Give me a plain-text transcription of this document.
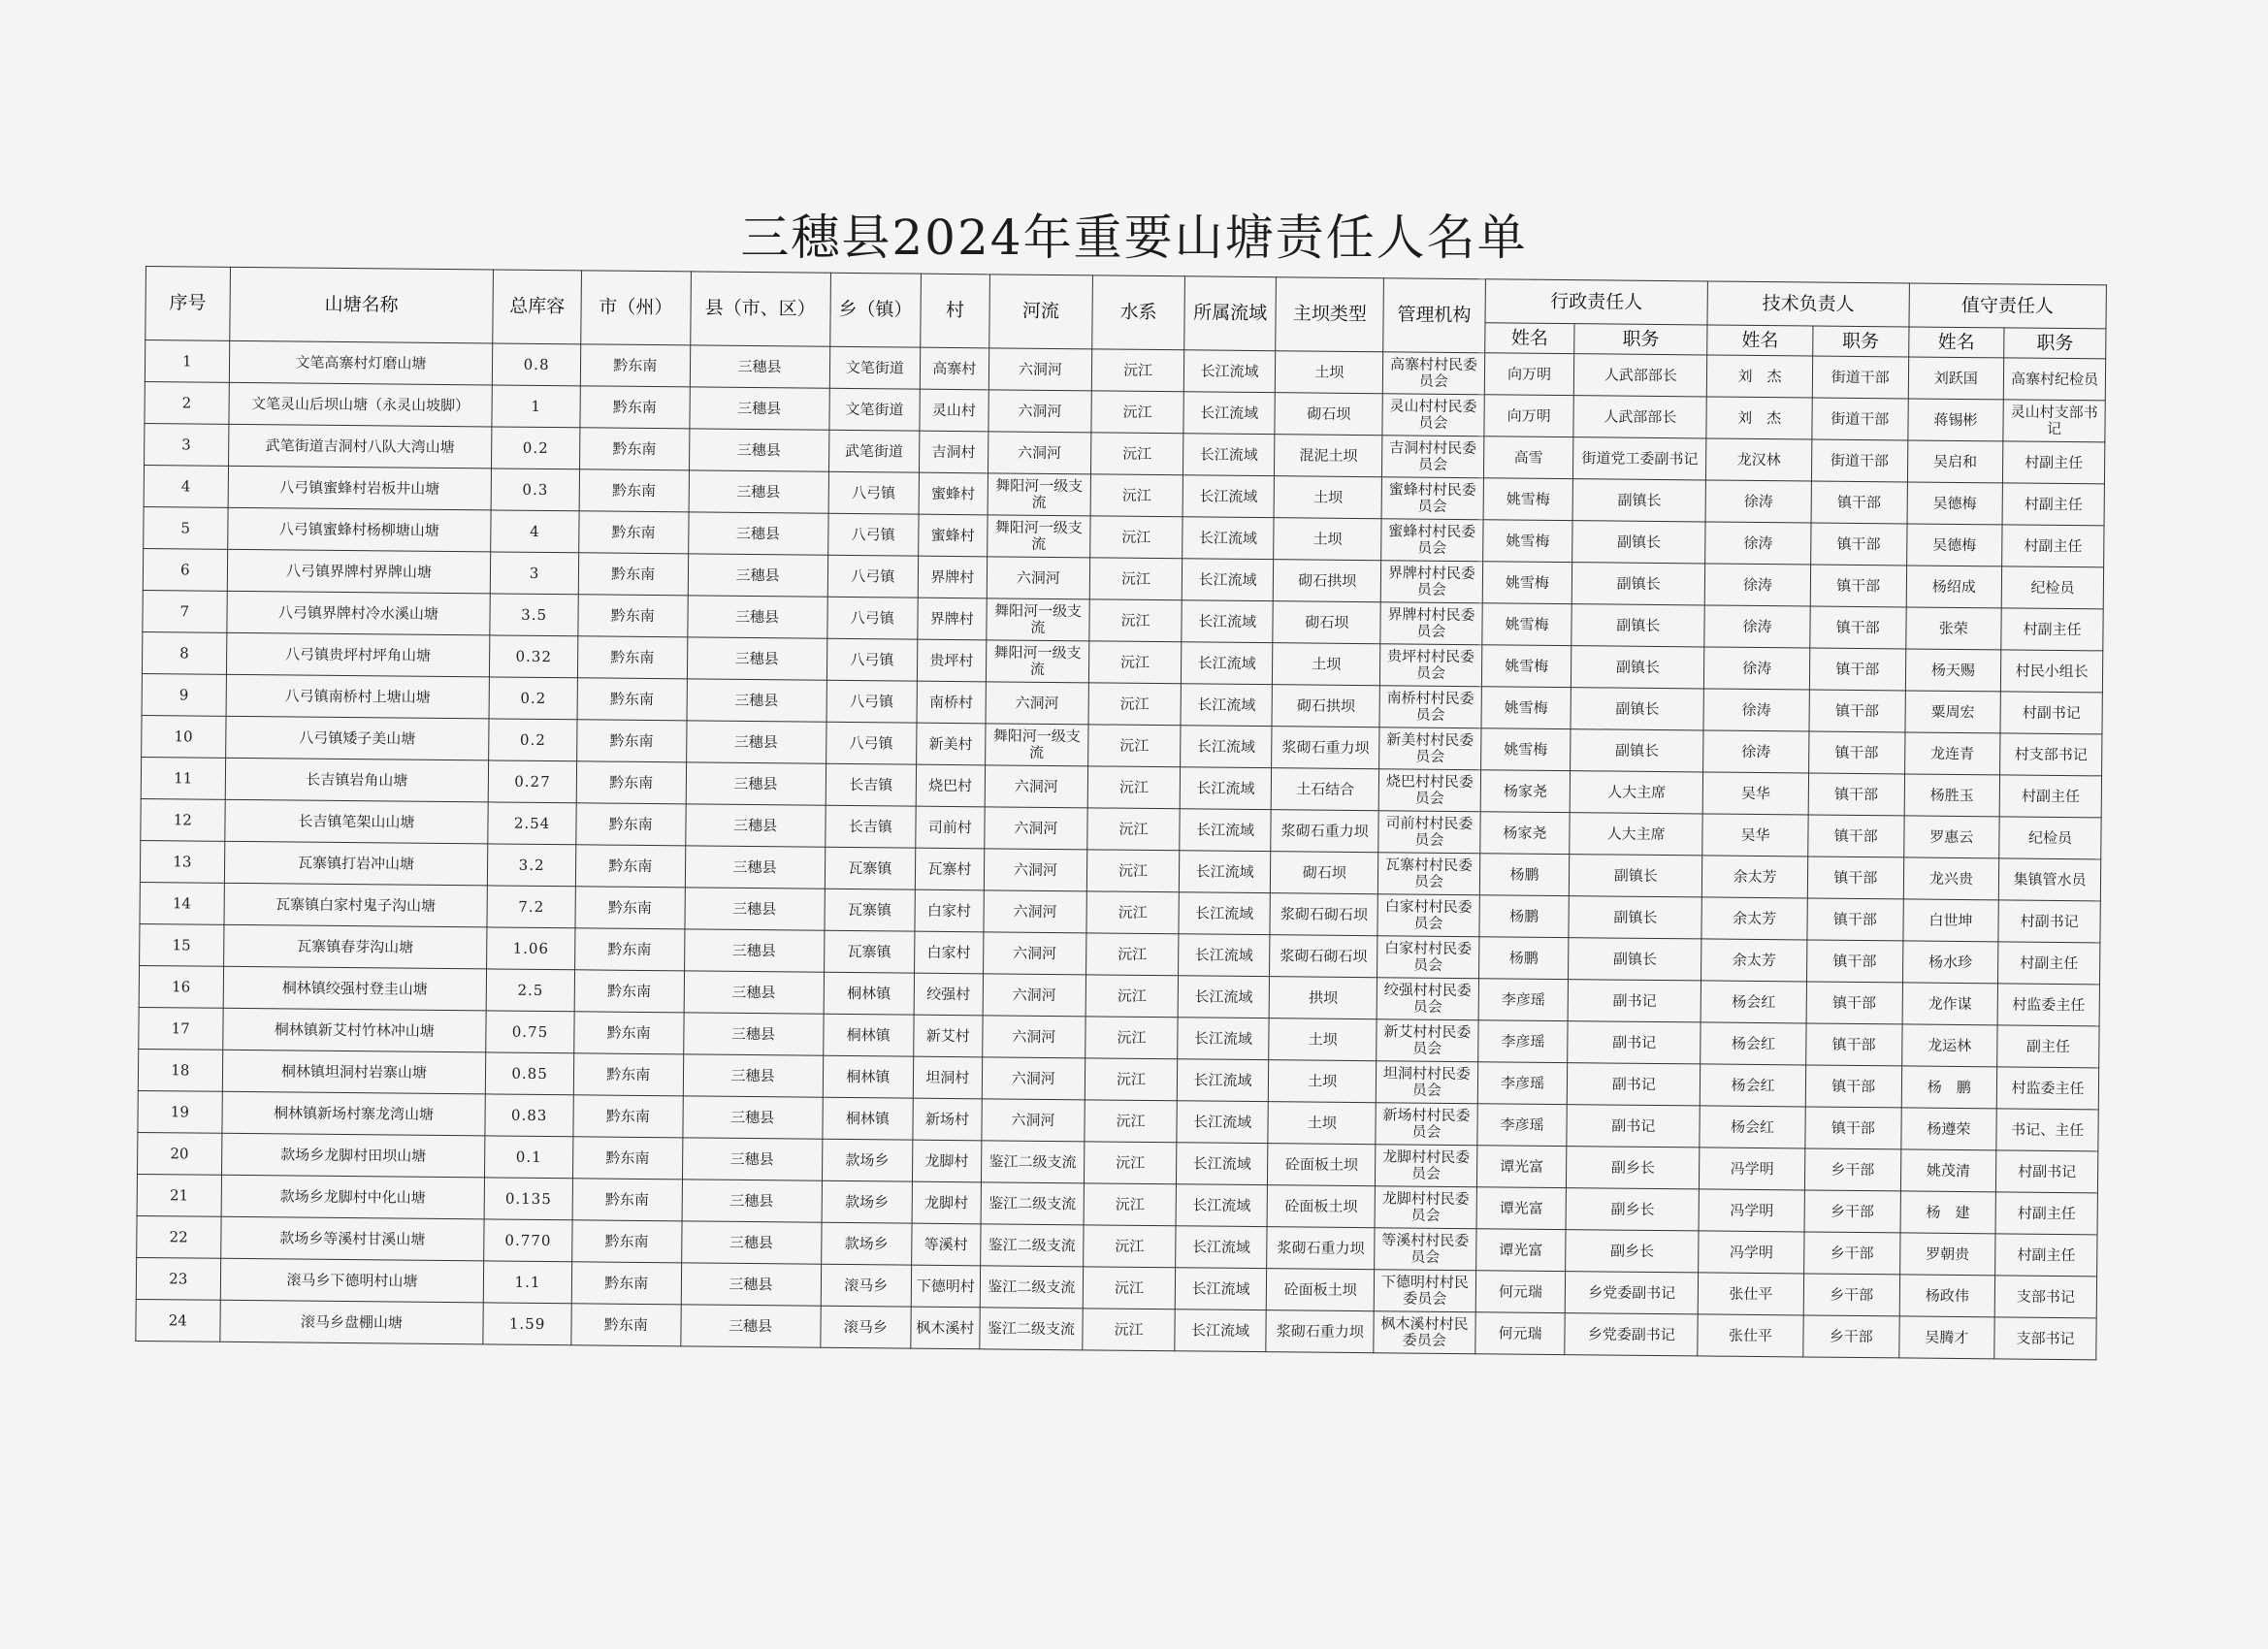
三穗县2024年重要山塘责任人名单
序号	山塘名称	总库容	市（州）	县（市、区）	乡（镇）	村	河流	水系	所属流域	主坝类型	管理机构	行政责任人		技术负责人		值守责任人	
												姓名	职务	姓名	职务	姓名	职务
1	文笔高寨村灯磨山塘	0.8	黔东南	三穗县	文笔街道	高寨村	六洞河	沅江	长江流域	土坝	高寨村村民委员会	向万明	人武部部长	刘　杰	街道干部	刘跃国	高寨村纪检员
2	文笔灵山后坝山塘（永灵山坡脚）	1	黔东南	三穗县	文笔街道	灵山村	六洞河	沅江	长江流域	砌石坝	灵山村村民委员会	向万明	人武部部长	刘　杰	街道干部	蒋锡彬	灵山村支部书记
3	武笔街道吉洞村八队大湾山塘	0.2	黔东南	三穗县	武笔街道	吉洞村	六洞河	沅江	长江流域	混泥土坝	吉洞村村民委员会	高雪	街道党工委副书记	龙汉林	街道干部	吴启和	村副主任
4	八弓镇蜜蜂村岩板井山塘	0.3	黔东南	三穗县	八弓镇	蜜蜂村	舞阳河一级支流	沅江	长江流域	土坝	蜜蜂村村民委员会	姚雪梅	副镇长	徐涛	镇干部	吴德梅	村副主任
5	八弓镇蜜蜂村杨柳塘山塘	4	黔东南	三穗县	八弓镇	蜜蜂村	舞阳河一级支流	沅江	长江流域	土坝	蜜蜂村村民委员会	姚雪梅	副镇长	徐涛	镇干部	吴德梅	村副主任
6	八弓镇界牌村界牌山塘	3	黔东南	三穗县	八弓镇	界牌村	六洞河	沅江	长江流域	砌石拱坝	界牌村村民委员会	姚雪梅	副镇长	徐涛	镇干部	杨绍成	纪检员
7	八弓镇界牌村冷水溪山塘	3.5	黔东南	三穗县	八弓镇	界牌村	舞阳河一级支流	沅江	长江流域	砌石坝	界牌村村民委员会	姚雪梅	副镇长	徐涛	镇干部	张荣	村副主任
8	八弓镇贵坪村坪角山塘	0.32	黔东南	三穗县	八弓镇	贵坪村	舞阳河一级支流	沅江	长江流域	土坝	贵坪村村民委员会	姚雪梅	副镇长	徐涛	镇干部	杨天赐	村民小组长
9	八弓镇南桥村上塘山塘	0.2	黔东南	三穗县	八弓镇	南桥村	六洞河	沅江	长江流域	砌石拱坝	南桥村村民委员会	姚雪梅	副镇长	徐涛	镇干部	粟周宏	村副书记
10	八弓镇矮子美山塘	0.2	黔东南	三穗县	八弓镇	新美村	舞阳河一级支流	沅江	长江流域	浆砌石重力坝	新美村村民委员会	姚雪梅	副镇长	徐涛	镇干部	龙连青	村支部书记
11	长吉镇岩角山塘	0.27	黔东南	三穗县	长吉镇	烧巴村	六洞河	沅江	长江流域	土石结合	烧巴村村民委员会	杨家尧	人大主席	吴华	镇干部	杨胜玉	村副主任
12	长吉镇笔架山山塘	2.54	黔东南	三穗县	长吉镇	司前村	六洞河	沅江	长江流域	浆砌石重力坝	司前村村民委员会	杨家尧	人大主席	吴华	镇干部	罗惠云	纪检员
13	瓦寨镇打岩冲山塘	3.2	黔东南	三穗县	瓦寨镇	瓦寨村	六洞河	沅江	长江流域	砌石坝	瓦寨村村民委员会	杨鹏	副镇长	余太芳	镇干部	龙兴贵	集镇管水员
14	瓦寨镇白家村鬼子沟山塘	7.2	黔东南	三穗县	瓦寨镇	白家村	六洞河	沅江	长江流域	浆砌石砌石坝	白家村村民委员会	杨鹏	副镇长	余太芳	镇干部	白世坤	村副书记
15	瓦寨镇春芽沟山塘	1.06	黔东南	三穗县	瓦寨镇	白家村	六洞河	沅江	长江流域	浆砌石砌石坝	白家村村民委员会	杨鹏	副镇长	余太芳	镇干部	杨水珍	村副主任
16	桐林镇绞强村登圭山塘	2.5	黔东南	三穗县	桐林镇	绞强村	六洞河	沅江	长江流域	拱坝	绞强村村民委员会	李彦瑶	副书记	杨会红	镇干部	龙作谋	村监委主任
17	桐林镇新艾村竹林冲山塘	0.75	黔东南	三穗县	桐林镇	新艾村	六洞河	沅江	长江流域	土坝	新艾村村民委员会	李彦瑶	副书记	杨会红	镇干部	龙运林	副主任
18	桐林镇坦洞村岩寨山塘	0.85	黔东南	三穗县	桐林镇	坦洞村	六洞河	沅江	长江流域	土坝	坦洞村村民委员会	李彦瑶	副书记	杨会红	镇干部	杨　鹏	村监委主任
19	桐林镇新场村寨龙湾山塘	0.83	黔东南	三穗县	桐林镇	新场村	六洞河	沅江	长江流域	土坝	新场村村民委员会	李彦瑶	副书记	杨会红	镇干部	杨遵荣	书记、主任
20	款场乡龙脚村田坝山塘	0.1	黔东南	三穗县	款场乡	龙脚村	鉴江二级支流	沅江	长江流域	砼面板土坝	龙脚村村民委员会	谭光富	副乡长	冯学明	乡干部	姚茂清	村副书记
21	款场乡龙脚村中化山塘	0.135	黔东南	三穗县	款场乡	龙脚村	鉴江二级支流	沅江	长江流域	砼面板土坝	龙脚村村民委员会	谭光富	副乡长	冯学明	乡干部	杨　建	村副主任
22	款场乡等溪村甘溪山塘	0.770	黔东南	三穗县	款场乡	等溪村	鉴江二级支流	沅江	长江流域	浆砌石重力坝	等溪村村民委员会	谭光富	副乡长	冯学明	乡干部	罗朝贵	村副主任
23	滚马乡下德明村山塘	1.1	黔东南	三穗县	滚马乡	下德明村	鉴江二级支流	沅江	长江流域	砼面板土坝	下德明村村民委员会	何元瑞	乡党委副书记	张仕平	乡干部	杨政伟	支部书记
24	滚马乡盘棚山塘	1.59	黔东南	三穗县	滚马乡	枫木溪村	鉴江二级支流	沅江	长江流域	浆砌石重力坝	枫木溪村村民委员会	何元瑞	乡党委副书记	张仕平	乡干部	吴腾才	支部书记
